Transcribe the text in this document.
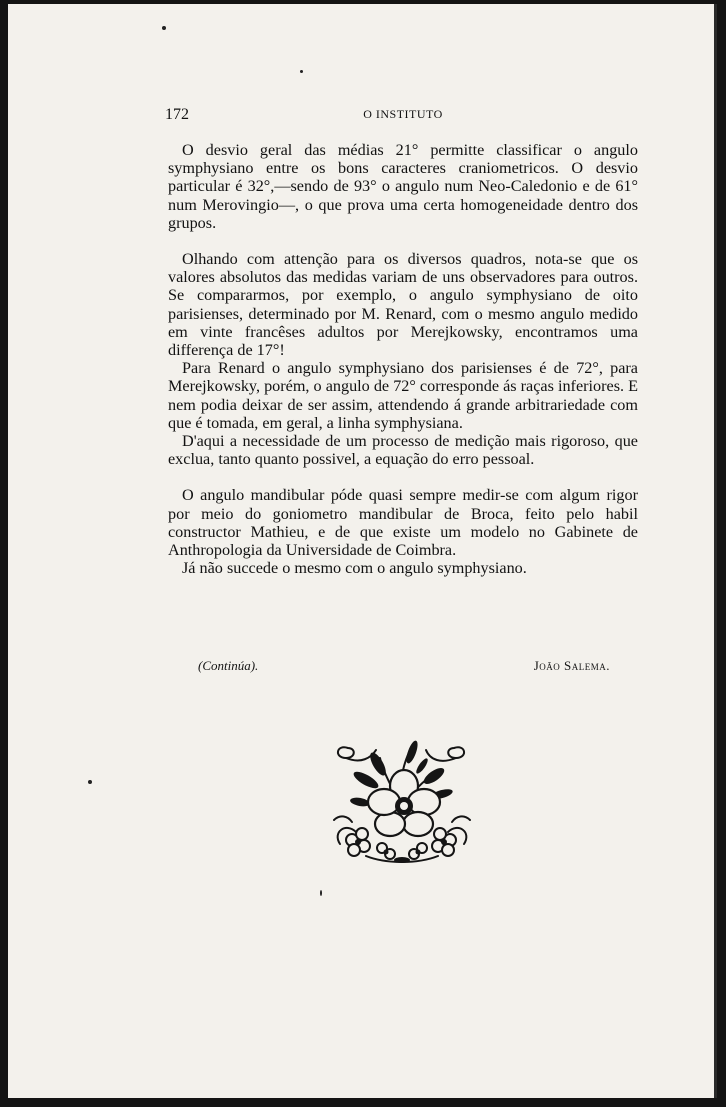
172	O INSTITUTO

O desvio geral das médias 21° permitte classificar o angulo symphysiano entre os bons caracteres craniometricos. O desvio particular é 32°,—sendo de 93° o angulo num Neo-Caledonio e de 61° num Merovingio—, o que prova uma certa homogeneidade dentro dos grupos.

Olhando com attenção para os diversos quadros, nota-se que os valores absolutos das medidas variam de uns observadores para outros. Se compararmos, por exemplo, o angulo symphysiano de oito parisienses, determinado por M. Renard, com o mesmo angulo medido em vinte francêses adultos por Merejkowsky, encontramos uma differença de 17°!

Para Renard o angulo symphysiano dos parisienses é de 72°, para Merejkowsky, porém, o angulo de 72° corresponde ás raças inferiores. E nem podia deixar de ser assim, attendendo á grande arbitrariedade com que é tomada, em geral, a linha symphysiana.

D'aqui a necessidade de um processo de medição mais rigoroso, que exclua, tanto quanto possivel, a equação do erro pessoal.

O angulo mandibular póde quasi sempre medir-se com algum rigor por meio do goniometro mandibular de Broca, feito pelo habil constructor Mathieu, e de que existe um modelo no Gabinete de Anthropologia da Universidade de Coimbra.

Já não succede o mesmo com o angulo symphysiano.

(Continúa).	João Salema.
